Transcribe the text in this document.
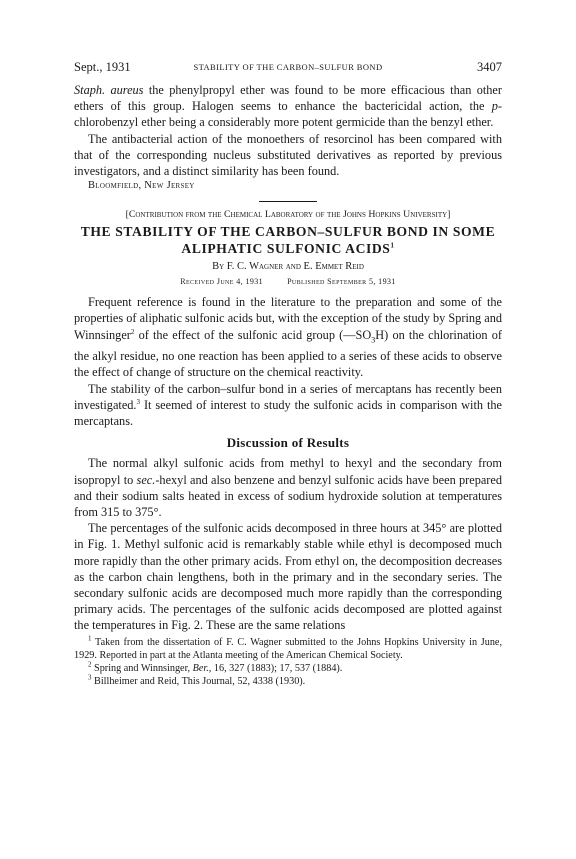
Sept., 1931	STABILITY OF THE CARBON–SULFUR BOND	3407

Staph. aureus the phenylpropyl ether was found to be more efficacious than other ethers of this group. Halogen seems to enhance the bactericidal action, the p-chlorobenzyl ether being a considerably more potent germicide than the benzyl ether.

The antibacterial action of the monoethers of resorcinol has been compared with that of the corresponding nucleus substituted derivatives as reported by previous investigators, and a distinct similarity has been found.

Bloomfield, New Jersey

[Contribution from the Chemical Laboratory of the Johns Hopkins University]

THE STABILITY OF THE CARBON–SULFUR BOND IN SOME ALIPHATIC SULFONIC ACIDS$^1$

By F. C. Wagner and E. Emmet Reid

Received June 4, 1931	Published September 5, 1931

Frequent reference is found in the literature to the preparation and some of the properties of aliphatic sulfonic acids but, with the exception of the study by Spring and Winnsinger$^2$ of the effect of the sulfonic acid group $(—SO_3H)$ on the chlorination of the alkyl residue, no one reaction has been applied to a series of these acids to observe the effect of change of structure on the chemical reactivity.

The stability of the carbon–sulfur bond in a series of mercaptans has recently been investigated.$^3$ It seemed of interest to study the sulfonic acids in comparison with the mercaptans.

Discussion of Results

The normal alkyl sulfonic acids from methyl to hexyl and the secondary from isopropyl to sec.-hexyl and also benzene and benzyl sulfonic acids have been prepared and their sodium salts heated in excess of sodium hydroxide solution at temperatures from 315 to 375°.

The percentages of the sulfonic acids decomposed in three hours at 345° are plotted in Fig. 1. Methyl sulfonic acid is remarkably stable while ethyl is decomposed much more rapidly than the other primary acids. From ethyl on, the decomposition decreases as the carbon chain lengthens, both in the primary and in the secondary series. The secondary sulfonic acids are decomposed much more rapidly than the corresponding primary acids. The percentages of the sulfonic acids decomposed are plotted against the temperatures in Fig. 2. These are the same relations

$^1$ Taken from the dissertation of F. C. Wagner submitted to the Johns Hopkins University in June, 1929. Reported in part at the Atlanta meeting of the American Chemical Society.

$^2$ Spring and Winnsinger, Ber., 16, 327 (1883); 17, 537 (1884).

$^3$ Billheimer and Reid, This Journal, 52, 4338 (1930).
